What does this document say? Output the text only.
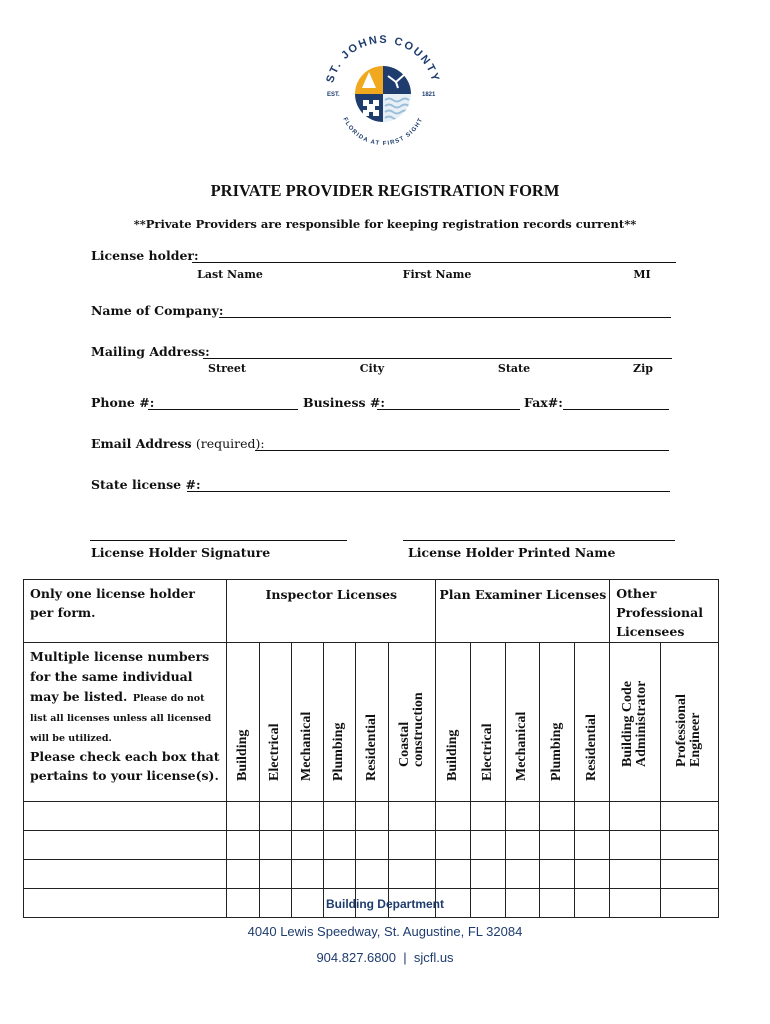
ST. JOHNS COUNTY
FLORIDA AT FIRST SIGHT
EST.	1821
PRIVATE PROVIDER REGISTRATION FORM
**Private Providers are responsible for keeping registration records current**
License holder:
Last Name	First Name	MI
Name of Company:
Mailing Address:
Street	City	State	Zip
Phone #:	Business #:	Fax#:
Email Address (required):
State license #:
License Holder Signature	License Holder Printed Name
Only one license holder per form.	Inspector Licenses						Plan Examiner Licenses					Other Professional Licensees	

Multiple license numbers for the same individual may be listed. Please do not list all licenses unless all licensed will be utilized.
Please check each box that pertains to your license(s).	Building	Electrical	Mechanical	Plumbing	Residential	Coastal construction	Building	Electrical	Mechanical	Plumbing	Residential	Building Code Administrator	Professional Engineer

Building Department
4040 Lewis Speedway, St. Augustine, FL 32084
904.827.6800 | sjcfl.us
